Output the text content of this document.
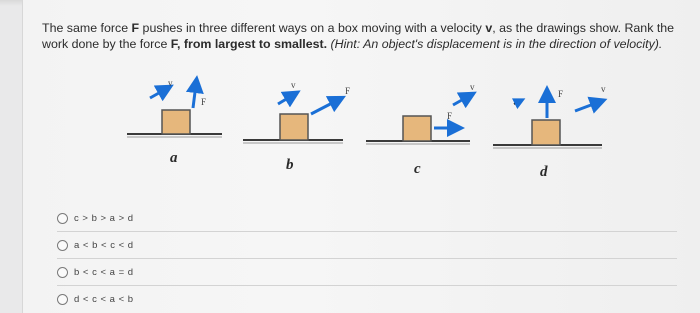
The same force F pushes in three different ways on a box moving with a velocity v, as the drawings show. Rank the work done by the force F, from largest to smallest. (Hint: An object's displacement is in the direction of velocity).
v
F
a
v
F
b
F
v
c
F	v
d
c > b > a > d
a < b < c < d
b < c < a = d
d < c < a < b
